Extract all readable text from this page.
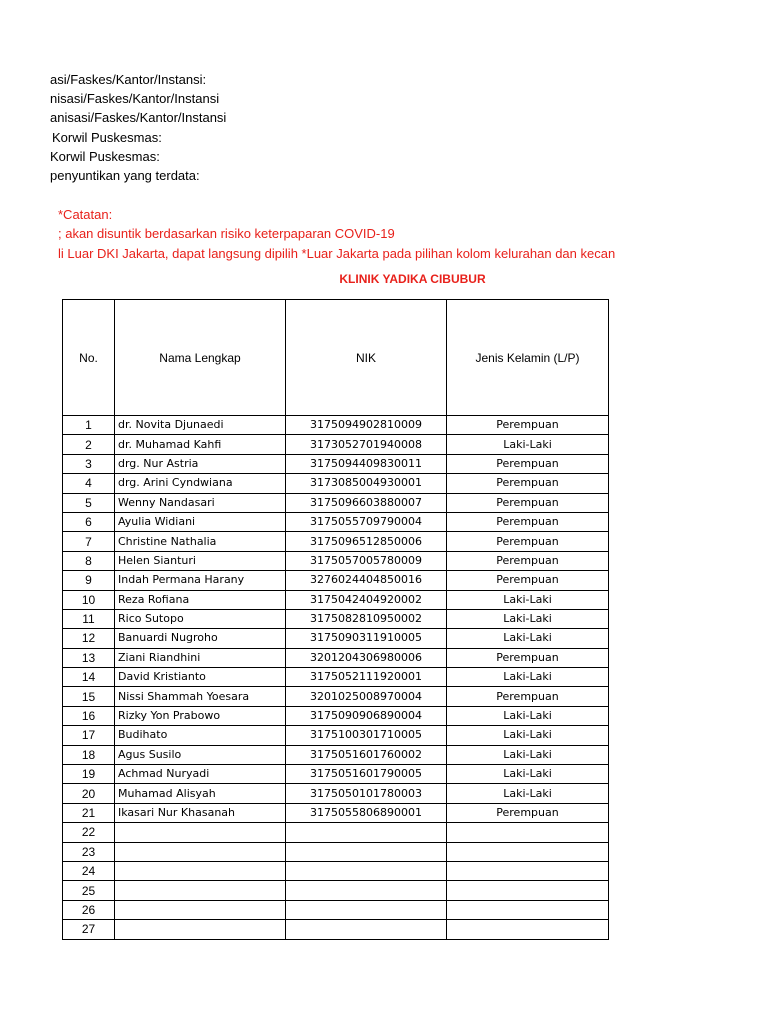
asi/Faskes/Kantor/Instansi:
nisasi/Faskes/Kantor/Instansi
anisasi/Faskes/Kantor/Instansi
Korwil Puskesmas:
Korwil Puskesmas:
penyuntikan yang terdata:
*Catatan:
; akan disuntik berdasarkan risiko keterpaparan COVID-19
li Luar DKI Jakarta, dapat langsung dipilih *Luar Jakarta pada pilihan kolom kelurahan dan kecan
KLINIK YADIKA CIBUBUR
No.	Nama Lengkap	NIK	Jenis Kelamin (L/P)
1	dr. Novita Djunaedi	3175094902810009	Perempuan
2	dr. Muhamad Kahfi	3173052701940008	Laki-Laki
3	drg. Nur Astria	3175094409830011	Perempuan
4	drg. Arini Cyndwiana	3173085004930001	Perempuan
5	Wenny Nandasari	3175096603880007	Perempuan
6	Ayulia Widiani	3175055709790004	Perempuan
7	Christine Nathalia	3175096512850006	Perempuan
8	Helen Sianturi	3175057005780009	Perempuan
9	Indah Permana Harany	3276024404850016	Perempuan
10	Reza Rofiana	3175042404920002	Laki-Laki
11	Rico Sutopo	3175082810950002	Laki-Laki
12	Banuardi Nugroho	3175090311910005	Laki-Laki
13	Ziani Riandhini	3201204306980006	Perempuan
14	David Kristianto	3175052111920001	Laki-Laki
15	Nissi Shammah Yoesara	3201025008970004	Perempuan
16	Rizky Yon Prabowo	3175090906890004	Laki-Laki
17	Budihato	3175100301710005	Laki-Laki
18	Agus Susilo	3175051601760002	Laki-Laki
19	Achmad Nuryadi	3175051601790005	Laki-Laki
20	Muhamad Alisyah	3175050101780003	Laki-Laki
21	Ikasari Nur Khasanah	3175055806890001	Perempuan
22			
23			
24			
25			
26			
27			
